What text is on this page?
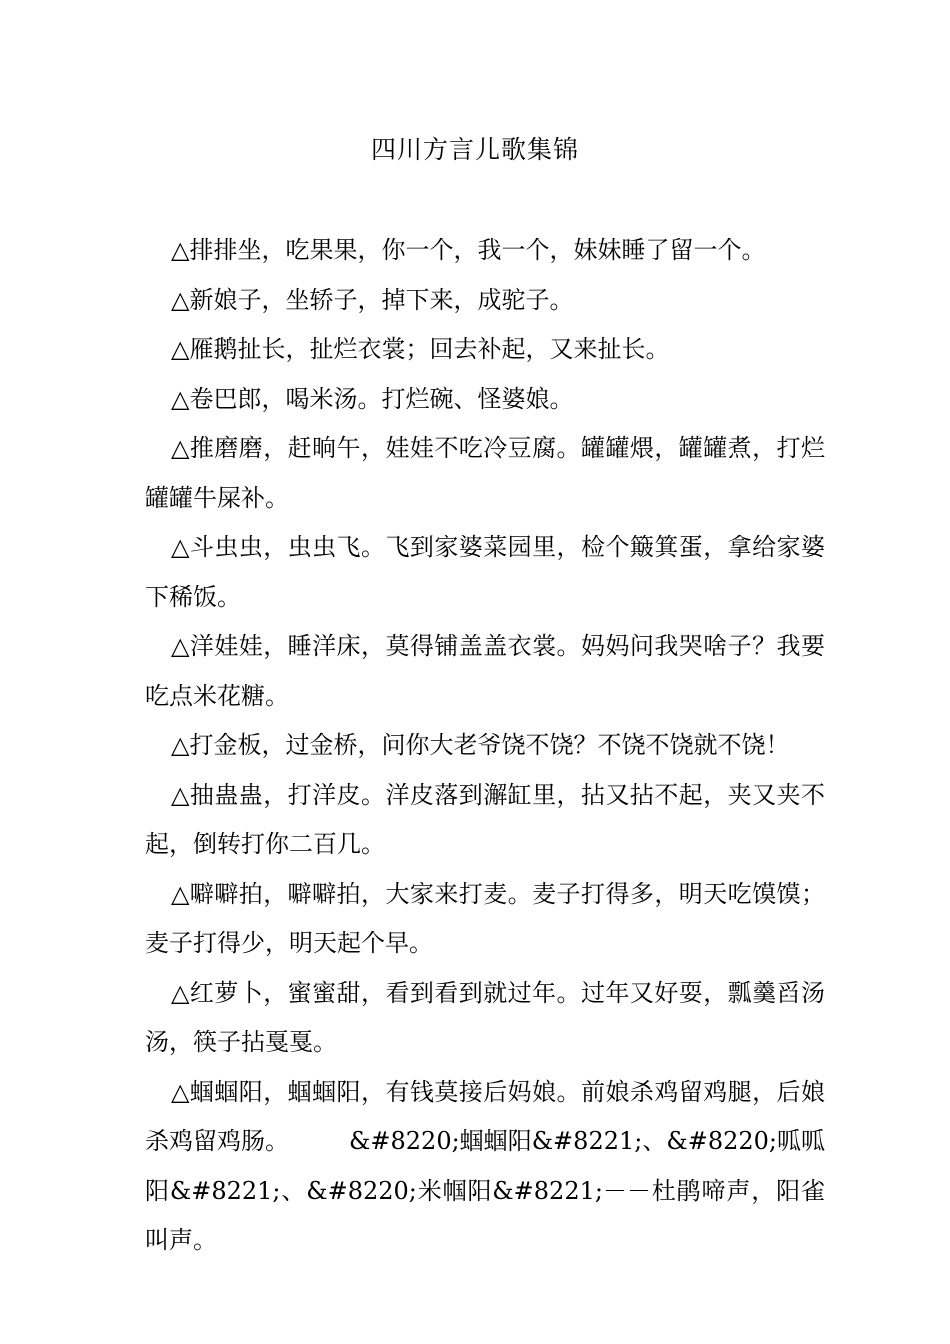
四川方言儿歌集锦

△排排坐，吃果果，你一个，我一个，妹妹睡了留一个。

△新娘子，坐轿子，掉下来，成驼子。

△雁鹅扯长，扯烂衣裳；回去补起，又来扯长。

△卷巴郎，喝米汤。打烂碗、怪婆娘。

△推磨磨，赶晌午，娃娃不吃冷豆腐。罐罐煨，罐罐煮，打烂罐罐牛屎补。

△斗虫虫，虫虫飞。飞到家婆菜园里，检个簸箕蛋，拿给家婆下稀饭。

△洋娃娃，睡洋床，莫得铺盖盖衣裳。妈妈问我哭啥子？我要吃点米花糖。

△打金板，过金桥，问你大老爷饶不饶？不饶不饶就不饶！

△抽蛊蛊，打洋皮。洋皮落到澥缸里，拈又拈不起，夹又夹不起，倒转打你二百几。

△噼噼拍，噼噼拍，大家来打麦。麦子打得多，明天吃馍馍；麦子打得少，明天起个早。

△红萝卜，蜜蜜甜，看到看到就过年。过年又好耍，瓢羹舀汤汤，筷子拈戛戛。

△蝈蝈阳，蝈蝈阳，有钱莫接后妈娘。前娘杀鸡留鸡腿，后娘杀鸡留鸡肠。　　　&#8220;蝈蝈阳&#8221;、&#8220;呱呱阳&#8221;、&#8220;米帼阳&#8221;－－杜鹃啼声，阳雀叫声。
